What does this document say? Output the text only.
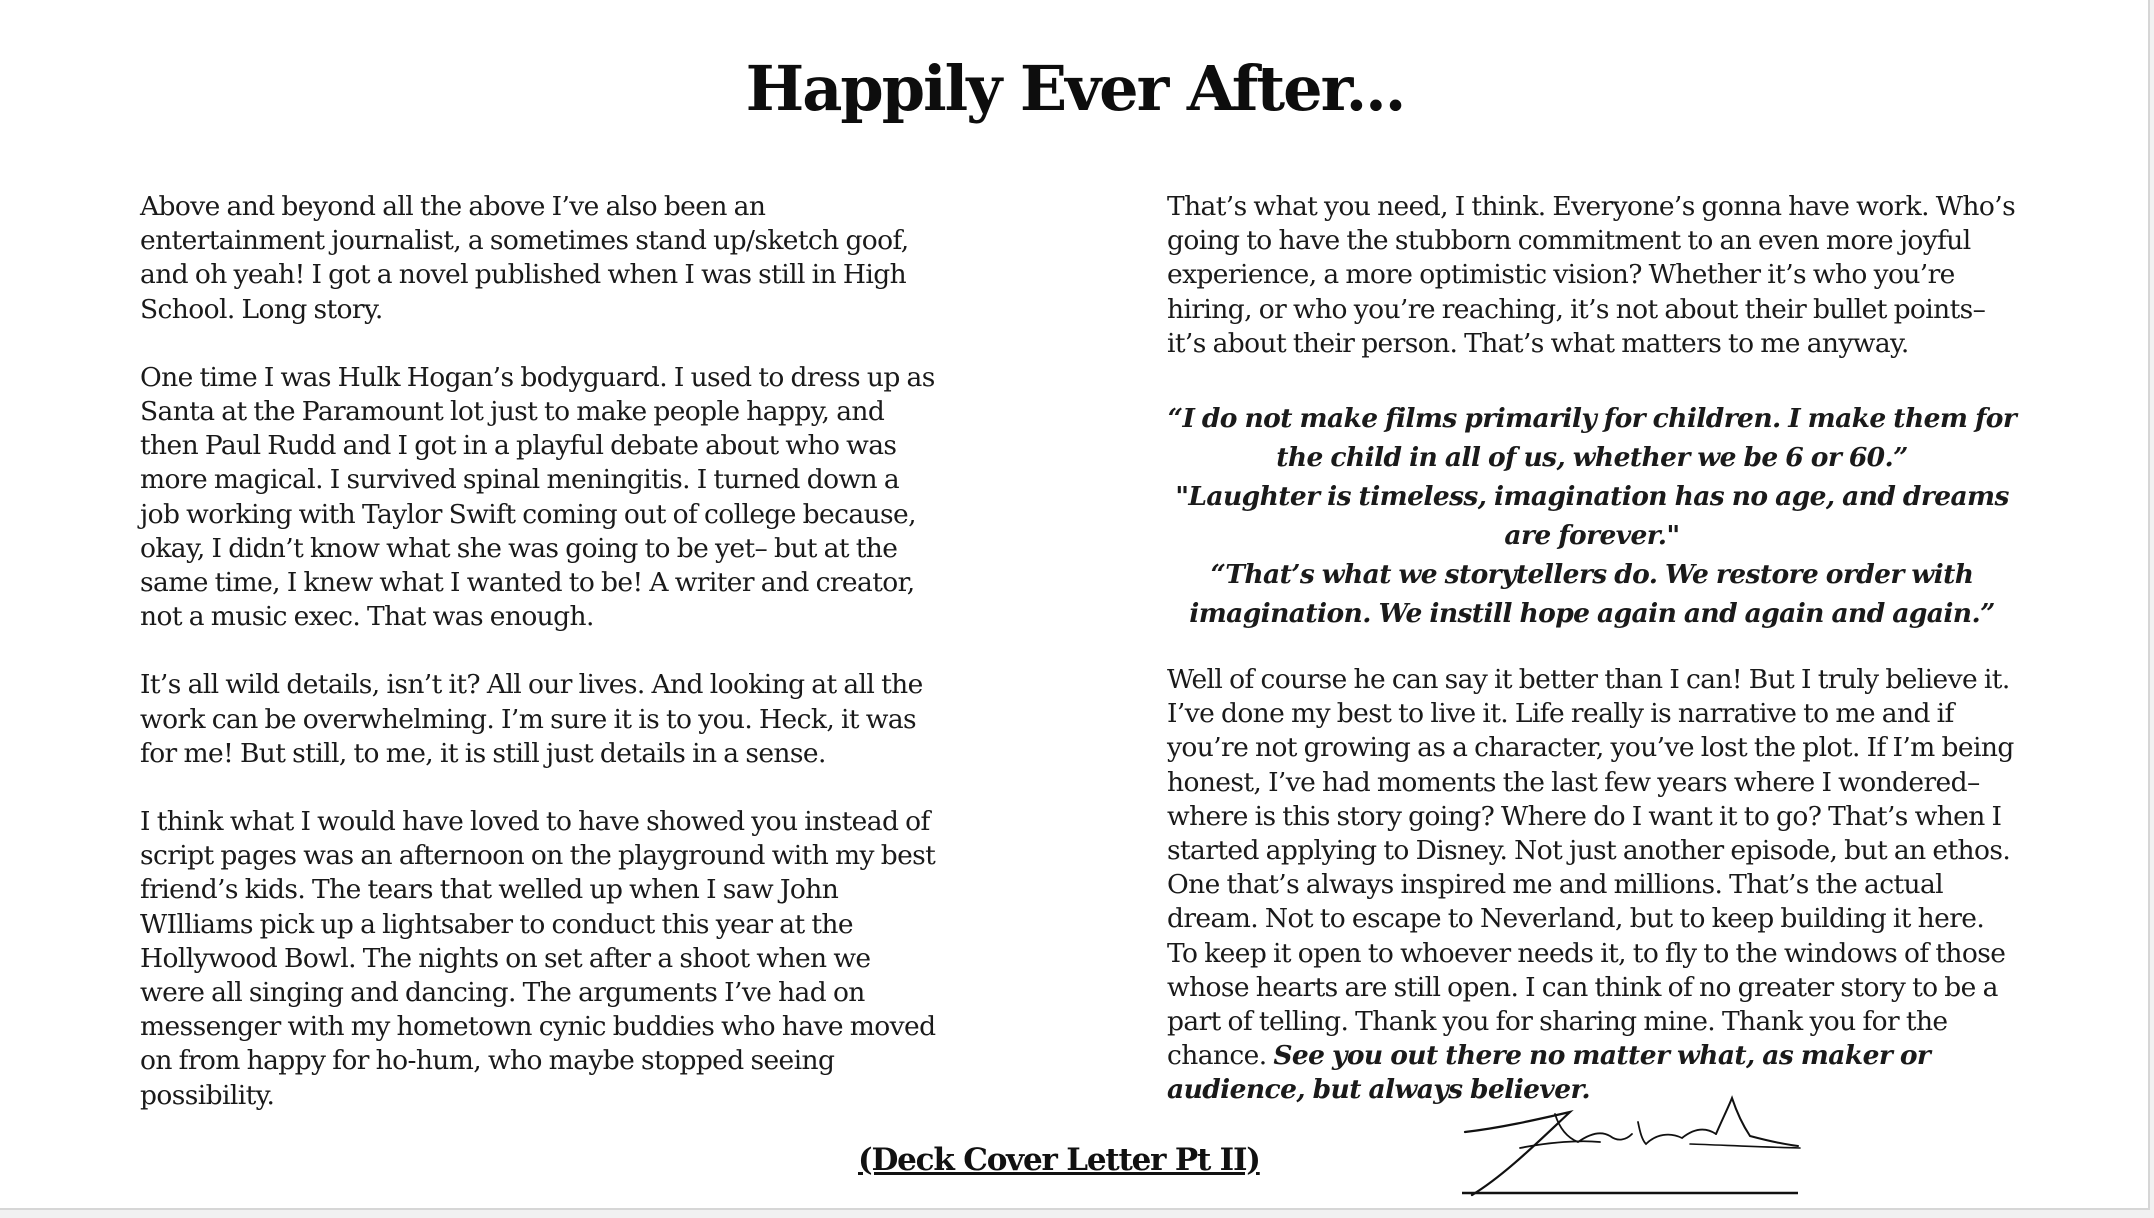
Happily Ever After...

Above and beyond all the above I’ve also been an entertainment journalist, a sometimes stand up/sketch goof, and oh yeah! I got a novel published when I was still in High School. Long story.

One time I was Hulk Hogan’s bodyguard. I used to dress up as Santa at the Paramount lot just to make people happy, and then Paul Rudd and I got in a playful debate about who was more magical. I survived spinal meningitis. I turned down a job working with Taylor Swift coming out of college because, okay, I didn’t know what she was going to be yet– but at the same time, I knew what I wanted to be! A writer and creator, not a music exec. That was enough.

It’s all wild details, isn’t it? All our lives. And looking at all the work can be overwhelming. I’m sure it is to you. Heck, it was for me! But still, to me, it is still just details in a sense.

I think what I would have loved to have showed you instead of script pages was an afternoon on the playground with my best friend’s kids. The tears that welled up when I saw John WIlliams pick up a lightsaber to conduct this year at the Hollywood Bowl. The nights on set after a shoot when we were all singing and dancing. The arguments I’ve had on messenger with my hometown cynic buddies who have moved on from happy for ho-hum, who maybe stopped seeing possibility.

That’s what you need, I think. Everyone’s gonna have work. Who’s going to have the stubborn commitment to an even more joyful experience, a more optimistic vision? Whether it’s who you’re hiring, or who you’re reaching, it’s not about their bullet points– it’s about their person. That’s what matters to me anyway.

“I do not make films primarily for children. I make them for the child in all of us, whether we be 6 or 60.”
"Laughter is timeless, imagination has no age, and dreams are forever."
“That’s what we storytellers do. We restore order with imagination. We instill hope again and again and again.”

Well of course he can say it better than I can! But I truly believe it. I’ve done my best to live it. Life really is narrative to me and if you’re not growing as a character, you’ve lost the plot. If I’m being honest, I’ve had moments the last few years where I wondered– where is this story going? Where do I want it to go? That’s when I started applying to Disney. Not just another episode, but an ethos. One that’s always inspired me and millions. That’s the actual dream. Not to escape to Neverland, but to keep building it here. To keep it open to whoever needs it, to fly to the windows of those whose hearts are still open. I can think of no greater story to be a part of telling. Thank you for sharing mine. Thank you for the chance. See you out there no matter what, as maker or audience, but always believer.

(Deck Cover Letter Pt II)
